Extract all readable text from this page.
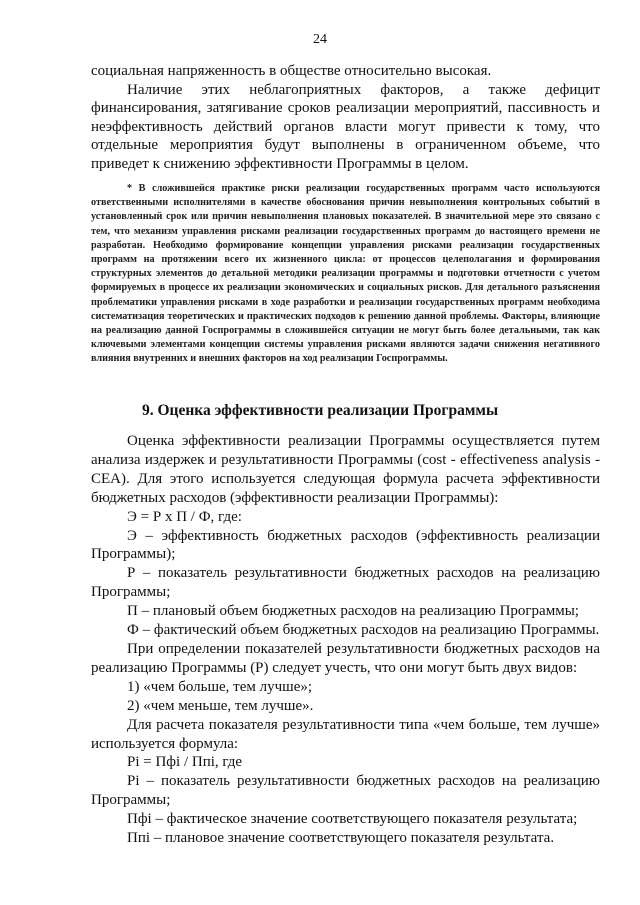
24

социальная напряженность в обществе относительно высокая.

Наличие этих неблагоприятных факторов, а также дефицит финансирования, затягивание сроков реализации мероприятий, пассивность и неэффективность действий органов власти могут привести к тому, что отдельные мероприятия будут выполнены в ограниченном объеме, что приведет к снижению эффективности Программы в целом.

* В сложившейся практике риски реализации государственных программ часто используются ответственными исполнителями в качестве обоснования причин невыполнения контрольных событий в установленный срок или причин невыполнения плановых показателей. В значительной мере это связано с тем, что механизм управления рисками реализации государственных программ до настоящего времени не разработан. Необходимо формирование концепции управления рисками реализации государственных программ на протяжении всего их жизненного цикла: от процессов целеполагания и формирования структурных элементов до детальной методики реализации программы и подготовки отчетности с учетом формируемых в процессе их реализации экономических и социальных рисков. Для детального разъяснения проблематики управления рисками в ходе разработки и реализации государственных программ необходима систематизация теоретических и практических подходов к решению данной проблемы. Факторы, влияющие на реализацию данной Госпрограммы в сложившейся ситуации не могут быть более детальными, так как ключевыми элементами концепции системы управления рисками являются задачи снижения негативного влияния внутренних и внешних факторов на ход реализации Госпрограммы.

9. Оценка эффективности реализации Программы

Оценка эффективности реализации Программы осуществляется путем анализа издержек и результативности Программы (cost - effectiveness analysis - CEA). Для этого используется следующая формула расчета эффективности бюджетных расходов (эффективности реализации Программы):

Э = Р х П / Ф, где:

Э – эффективность бюджетных расходов (эффективность реализации Программы);

Р – показатель результативности бюджетных расходов на реализацию Программы;

П – плановый объем бюджетных расходов на реализацию Программы;

Ф – фактический объем бюджетных расходов на реализацию Программы.

При определении показателей результативности бюджетных расходов на реализацию Программы (Р) следует учесть, что они могут быть двух видов:

1) «чем больше, тем лучше»;

2) «чем меньше, тем лучше».

Для расчета показателя результативности типа «чем больше, тем лучше» используется формула:

Рi = Пфi / Ппi, где

Рi – показатель результативности бюджетных расходов на реализацию Программы;

Пфi – фактическое значение соответствующего показателя результата;

Ппi – плановое значение соответствующего показателя результата.
